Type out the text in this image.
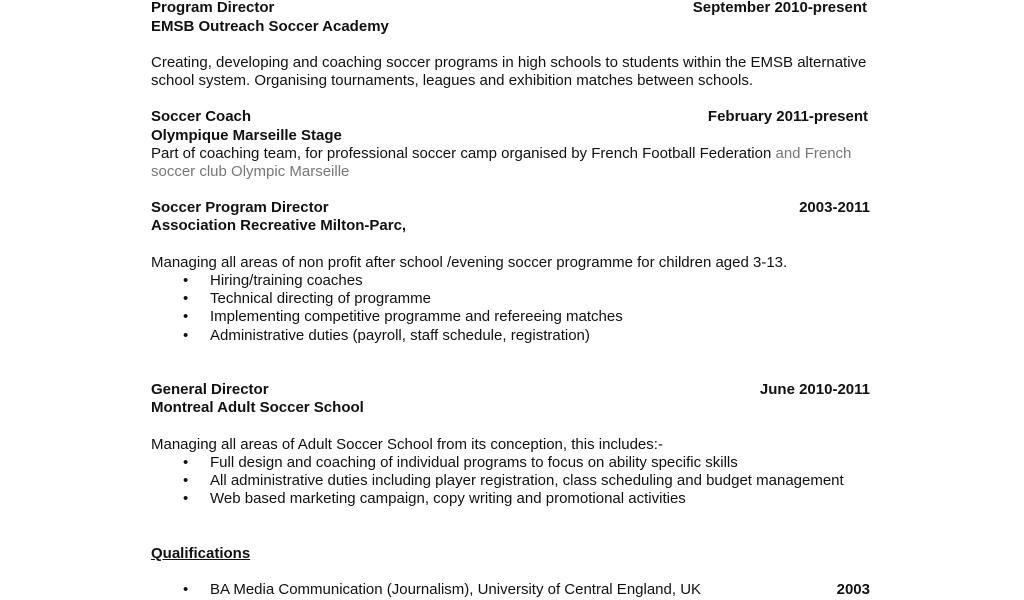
Program Director	September 2010-present
EMSB Outreach Soccer Academy
Creating, developing and coaching soccer programs in high schools to students within the EMSB alternative
school system. Organising tournaments, leagues and exhibition matches between schools.
Soccer Coach	February 2011-present
Olympique Marseille Stage
Part of coaching team, for professional soccer camp organised by French Football Federation and French
soccer club Olympic Marseille
Soccer Program Director	2003-2011
Association Recreative Milton-Parc,
Managing all areas of non profit after school /evening soccer programme for children aged 3-13.
• Hiring/training coaches
• Technical directing of programme
• Implementing competitive programme and refereeing matches
• Administrative duties (payroll, staff schedule, registration)
General Director	June 2010-2011
Montreal Adult Soccer School
Managing all areas of Adult Soccer School from its conception, this includes:-
• Full design and coaching of individual programs to focus on ability specific skills
• All administrative duties including player registration, class scheduling and budget management
• Web based marketing campaign, copy writing and promotional activities
Qualifications
• BA Media Communication (Journalism), University of Central England, UK	2003
